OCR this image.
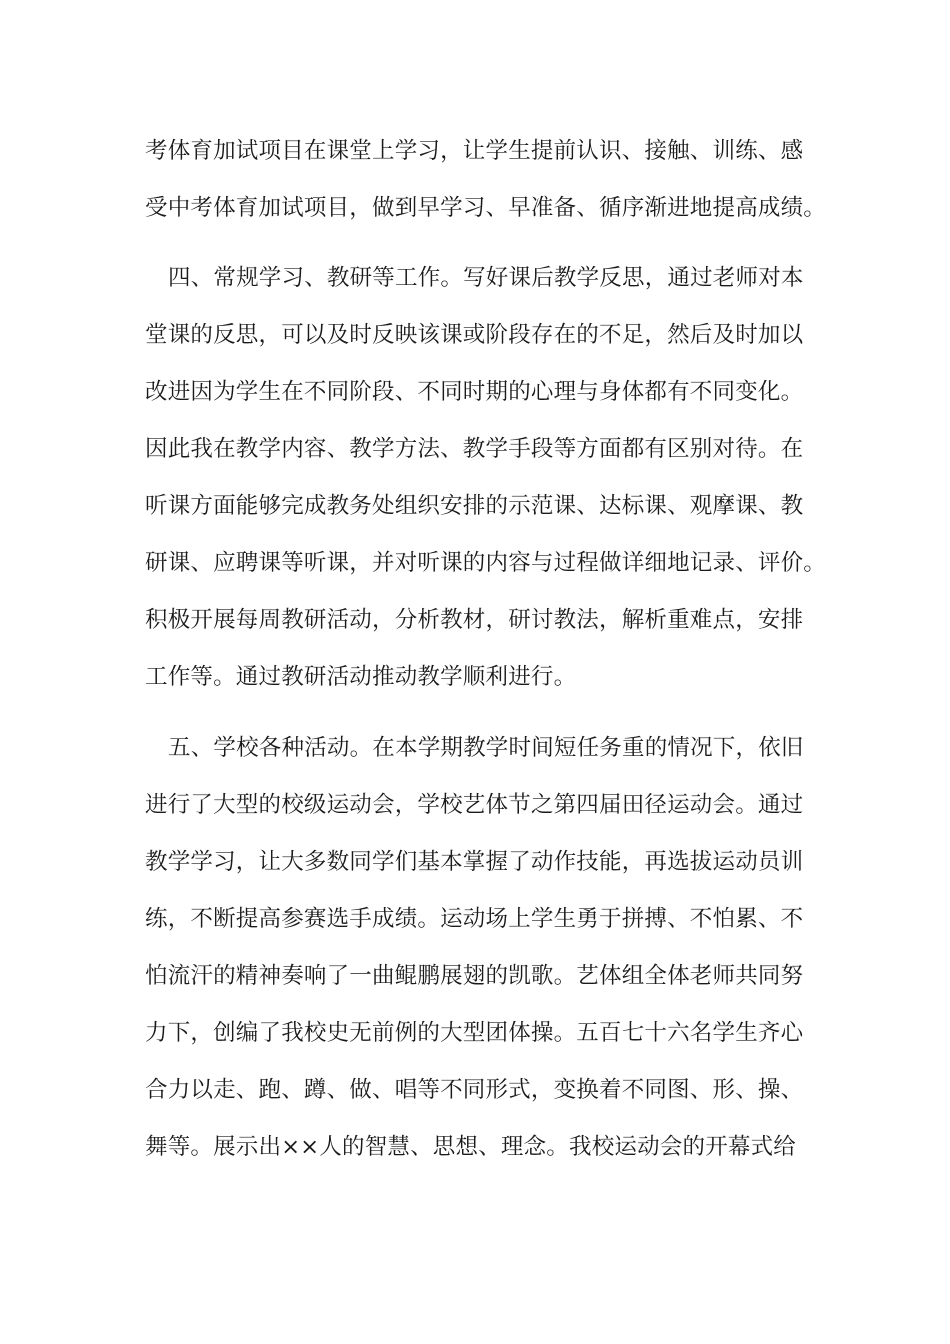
考体育加试项目在课堂上学习，让学生提前认识、接触、训练、感
受中考体育加试项目，做到早学习、早准备、循序渐进地提高成绩。
四、常规学习、教研等工作。写好课后教学反思，通过老师对本
堂课的反思，可以及时反映该课或阶段存在的不足，然后及时加以
改进因为学生在不同阶段、不同时期的心理与身体都有不同变化。
因此我在教学内容、教学方法、教学手段等方面都有区别对待。在
听课方面能够完成教务处组织安排的示范课、达标课、观摩课、教
研课、应聘课等听课，并对听课的内容与过程做详细地记录、评价。
积极开展每周教研活动，分析教材，研讨教法，解析重难点，安排
工作等。通过教研活动推动教学顺利进行。
五、学校各种活动。在本学期教学时间短任务重的情况下，依旧
进行了大型的校级运动会，学校艺体节之第四届田径运动会。通过
教学学习，让大多数同学们基本掌握了动作技能，再选拔运动员训
练，不断提高参赛选手成绩。运动场上学生勇于拼搏、不怕累、不
怕流汗的精神奏响了一曲鲲鹏展翅的凯歌。艺体组全体老师共同努
力下，创编了我校史无前例的大型团体操。五百七十六名学生齐心
合力以走、跑、蹲、做、唱等不同形式，变换着不同图、形、操、
舞等。展示出××人的智慧、思想、理念。我校运动会的开幕式给
